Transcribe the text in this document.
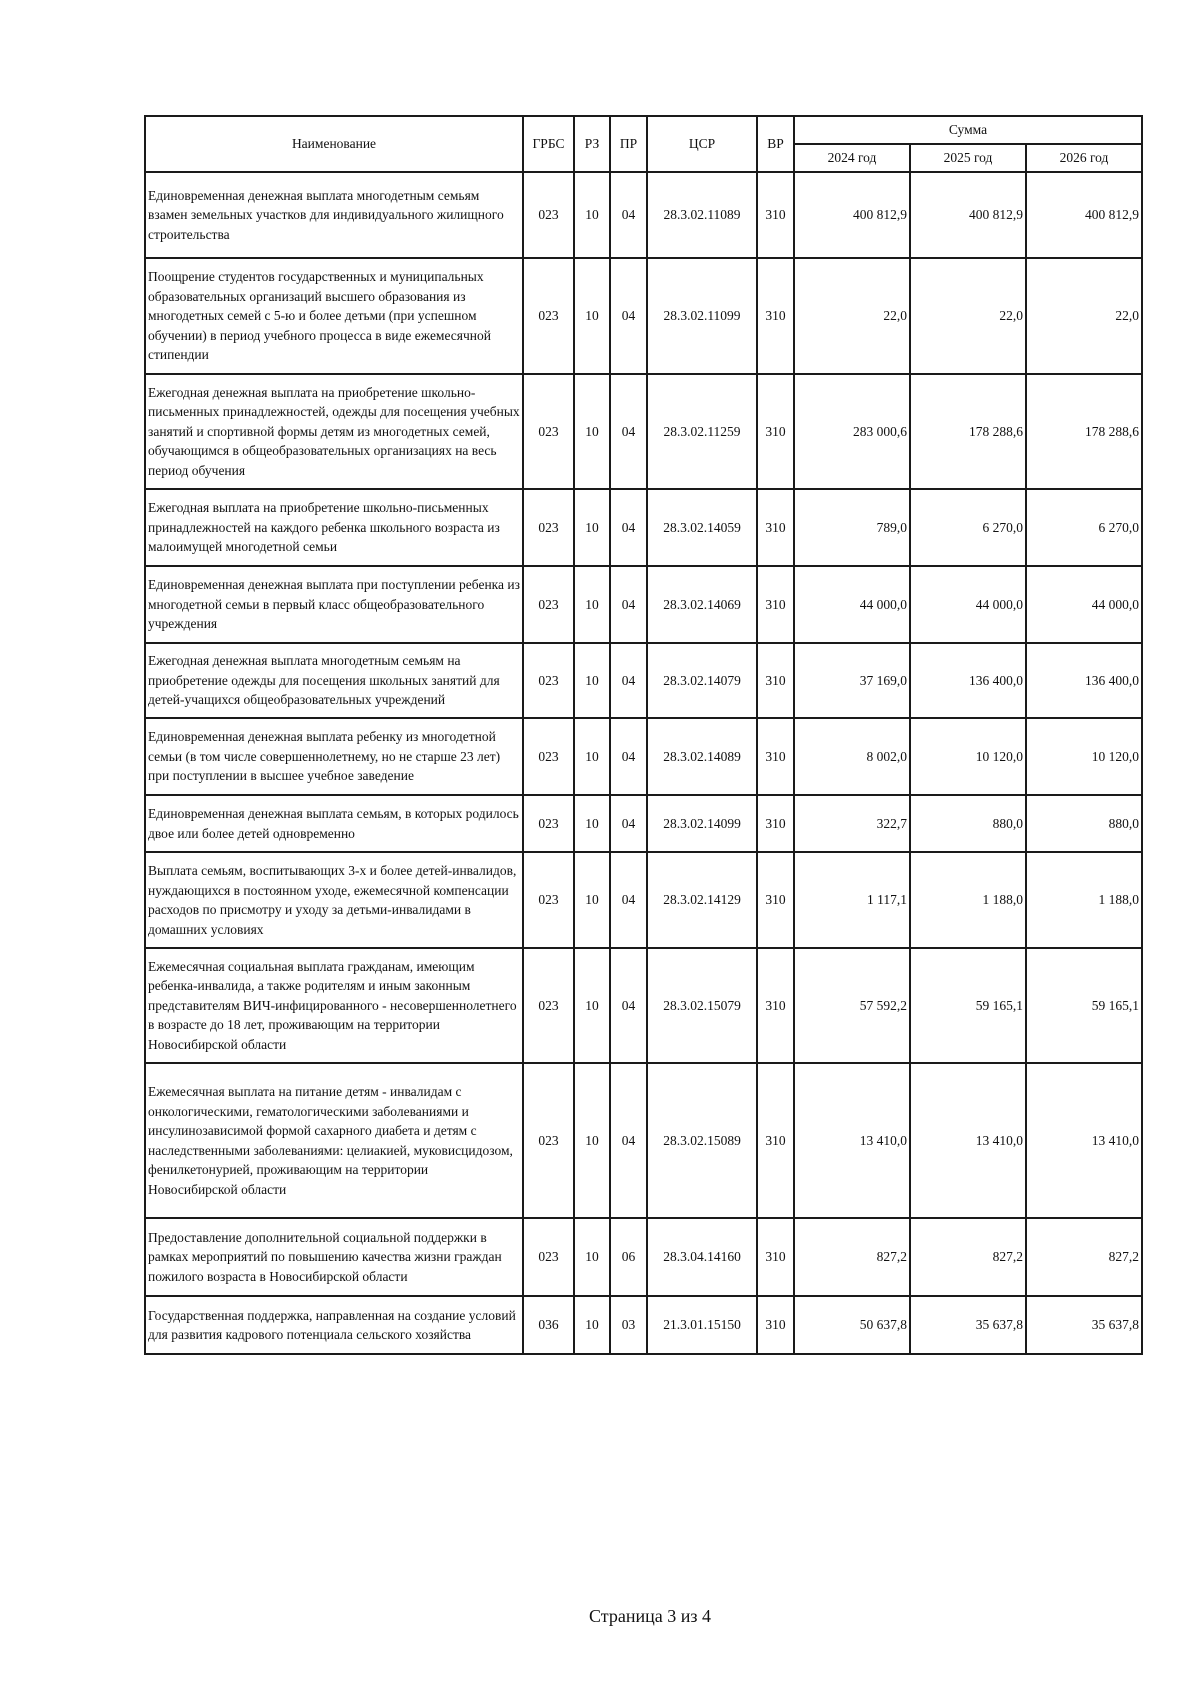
Наименование	ГРБС	РЗ	ПР	ЦСР	ВР	Сумма		
						2024 год	2025 год	2026 год
Единовременная денежная выплата многодетным семьям взамен земельных участков для индивидуального жилищного строительства	023	10	04	28.3.02.11089	310	400 812,9	400 812,9	400 812,9
Поощрение студентов государственных и муниципальных образовательных организаций высшего образования из многодетных семей с 5-ю и более детьми (при успешном обучении) в период учебного процесса в виде ежемесячной стипендии	023	10	04	28.3.02.11099	310	22,0	22,0	22,0
Ежегодная денежная выплата на приобретение школьно-письменных принадлежностей, одежды для посещения учебных занятий и спортивной формы детям из многодетных семей, обучающимся в общеобразовательных организациях на весь период обучения	023	10	04	28.3.02.11259	310	283 000,6	178 288,6	178 288,6
Ежегодная выплата на приобретение школьно-письменных принадлежностей на каждого ребенка школьного возраста из малоимущей многодетной семьи	023	10	04	28.3.02.14059	310	789,0	6 270,0	6 270,0
Единовременная денежная выплата при поступлении ребенка из многодетной семьи в первый класс общеобразовательного учреждения	023	10	04	28.3.02.14069	310	44 000,0	44 000,0	44 000,0
Ежегодная денежная выплата многодетным семьям на приобретение одежды для посещения школьных занятий для детей-учащихся общеобразовательных учреждений	023	10	04	28.3.02.14079	310	37 169,0	136 400,0	136 400,0
Единовременная денежная выплата ребенку из многодетной семьи (в том числе совершеннолетнему, но не старше 23 лет) при поступлении в высшее учебное заведение	023	10	04	28.3.02.14089	310	8 002,0	10 120,0	10 120,0
Единовременная денежная выплата семьям, в которых родилось двое или более детей одновременно	023	10	04	28.3.02.14099	310	322,7	880,0	880,0
Выплата семьям, воспитывающих 3-х и более детей-инвалидов, нуждающихся в постоянном уходе, ежемесячной компенсации расходов по присмотру и уходу за детьми-инвалидами в домашних условиях	023	10	04	28.3.02.14129	310	1 117,1	1 188,0	1 188,0
Ежемесячная социальная выплата гражданам, имеющим ребенка-инвалида, а также родителям и иным законным представителям ВИЧ-инфицированного - несовершеннолетнего в возрасте до 18 лет, проживающим на территории Новосибирской области	023	10	04	28.3.02.15079	310	57 592,2	59 165,1	59 165,1
Ежемесячная выплата на питание детям - инвалидам с онкологическими, гематологическими заболеваниями и инсулинозависимой формой сахарного диабета и детям с наследственными заболеваниями: целиакией, муковисцидозом, фенилкетонурией, проживающим на территории Новосибирской области	023	10	04	28.3.02.15089	310	13 410,0	13 410,0	13 410,0
Предоставление дополнительной социальной поддержки в рамках мероприятий по повышению качества жизни граждан пожилого возраста в Новосибирской области	023	10	06	28.3.04.14160	310	827,2	827,2	827,2
Государственная поддержка, направленная на создание условий для развития кадрового потенциала сельского хозяйства	036	10	03	21.3.01.15150	310	50 637,8	35 637,8	35 637,8
Страница 3 из 4
